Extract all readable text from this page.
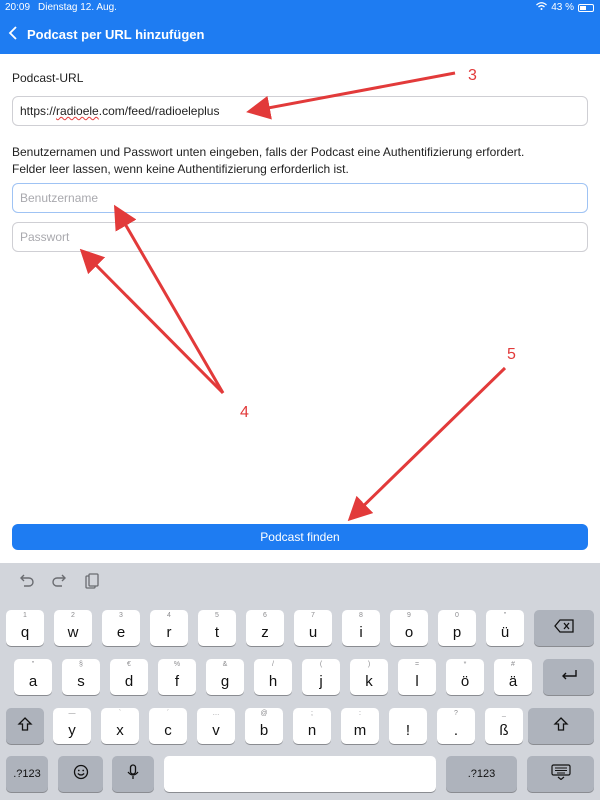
20:09 Dienstag 12. Aug.	43 %
Podcast per URL hinzufügen
Podcast-URL
https://radioele.com/feed/radioeleplus
Benutzernamen und Passwort unten eingeben, falls der Podcast eine Authentifizierung erfordert.
Felder leer lassen, wenn keine Authentifizierung erforderlich ist.
Benutzername
Passwort
Podcast finden
3
4
5
1
q
2
w
3
e
4
r
5
t
6
z
7
u
8
i
9
o
0
p
"
ü
"
a
§
s
€
d
%
f
&
g
/
h
(
j
)
k
=
l
*
ö
#
ä
—
y
`
x
´
c
…
v
@
b
;
n
:
m	!
?
.
_
ß
.?123	.?123
